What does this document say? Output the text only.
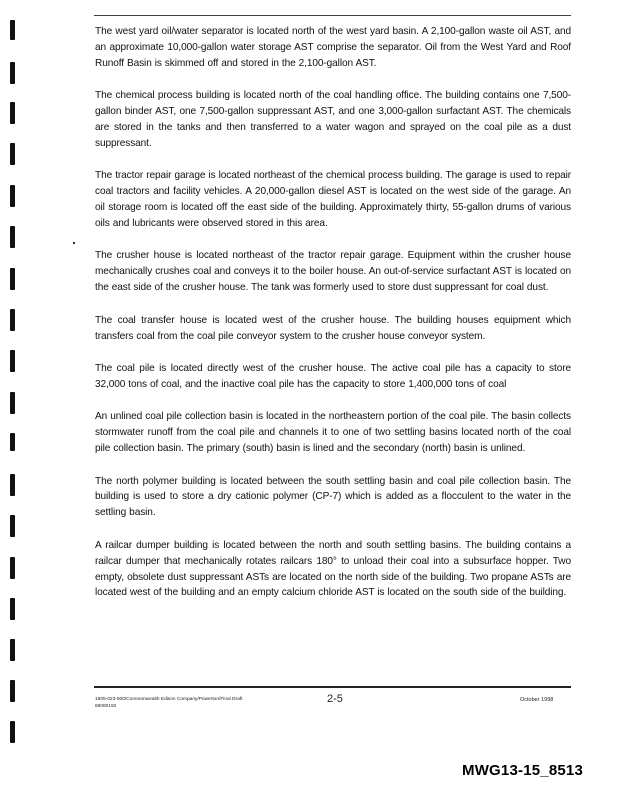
The west yard oil/water separator is located north of the west yard basin. A 2,100-gallon waste oil AST, and an approximate 10,000-gallon water storage AST comprise the separator. Oil from the West Yard and Roof Runoff Basin is skimmed off and stored in the 2,100-gallon AST.

The chemical process building is located north of the coal handling office. The building contains one 7,500-gallon binder AST, one 7,500-gallon suppressant AST, and one 3,000-gallon surfactant AST. The chemicals are stored in the tanks and then transferred to a water wagon and sprayed on the coal pile as a dust suppressant.

The tractor repair garage is located northeast of the chemical process building. The garage is used to repair coal tractors and facility vehicles. A 20,000-gallon diesel AST is located on the west side of the garage. An oil storage room is located off the east side of the building. Approximately thirty, 55-gallon drums of various oils and lubricants were observed stored in this area.

The crusher house is located northeast of the tractor repair garage. Equipment within the crusher house mechanically crushes coal and conveys it to the boiler house. An out-of-service surfactant AST is located on the east side of the crusher house. The tank was formerly used to store dust suppressant for coal dust.

The coal transfer house is located west of the crusher house. The building houses equipment which transfers coal from the coal pile conveyor system to the crusher house conveyor system.

The coal pile is located directly west of the crusher house. The active coal pile has a capacity to store 32,000 tons of coal, and the inactive coal pile has the capacity to store 1,400,000 tons of coal

An unlined coal pile collection basin is located in the northeastern portion of the coal pile. The basin collects stormwater runoff from the coal pile and channels it to one of two settling basins located north of the coal pile collection basin. The primary (south) basin is lined and the secondary (north) basin is unlined.

The north polymer building is located between the south settling basin and coal pile collection basin. The building is used to store a dry cationic polymer (CP-7) which is added as a flocculent to the water in the settling basin.

A railcar dumper building is located between the north and south settling basins. The building contains a railcar dumper that mechanically rotates railcars 180° to unload their coal into a subsurface hopper. Two empty, obsolete dust suppressant ASTs are located on the north side of the building. Two propane ASTs are located west of the building and an empty calcium chloride AST is located on the south side of the building.

1805-023-500/Commonwealth Edison Company/Powerton/Final Draft
68080192
2-5	October 1998
MWG13-15_8513
